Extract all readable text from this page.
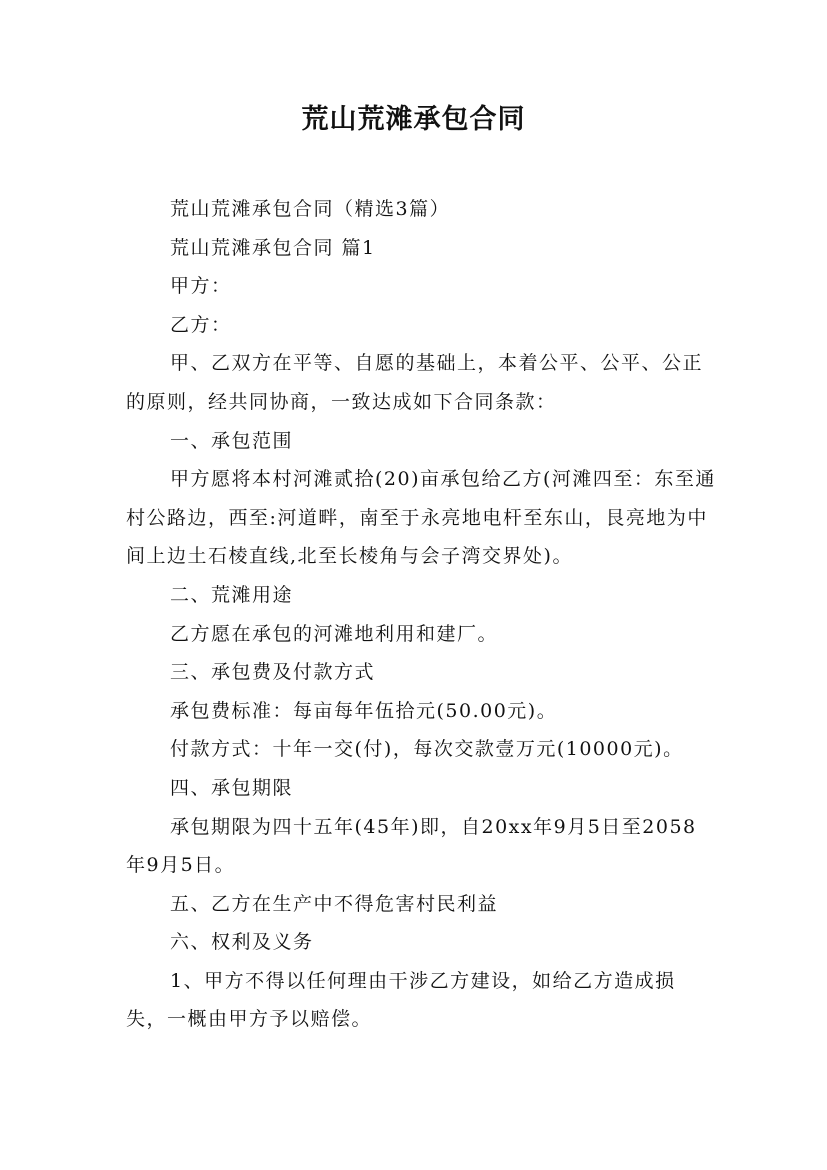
荒山荒滩承包合同

荒山荒滩承包合同（精选3篇）

荒山荒滩承包合同 篇1

甲方：

乙方：

甲、乙双方在平等、自愿的基础上，本着公平、公平、公正的原则，经共同协商，一致达成如下合同条款：

一、承包范围

甲方愿将本村河滩贰拾(20)亩承包给乙方(河滩四至：东至通村公路边，西至:河道畔，南至于永亮地电杆至东山，艮亮地为中间上边土石棱直线,北至长棱角与会子湾交界处)。

二、荒滩用途

乙方愿在承包的河滩地利用和建厂。

三、承包费及付款方式

承包费标准：每亩每年伍拾元(50.00元)。

付款方式：十年一交(付)，每次交款壹万元(10000元)。

四、承包期限

承包期限为四十五年(45年)即，自20xx年9月5日至2058年9月5日。

五、乙方在生产中不得危害村民利益

六、权利及义务

1、甲方不得以任何理由干涉乙方建设，如给乙方造成损失，一概由甲方予以赔偿。
